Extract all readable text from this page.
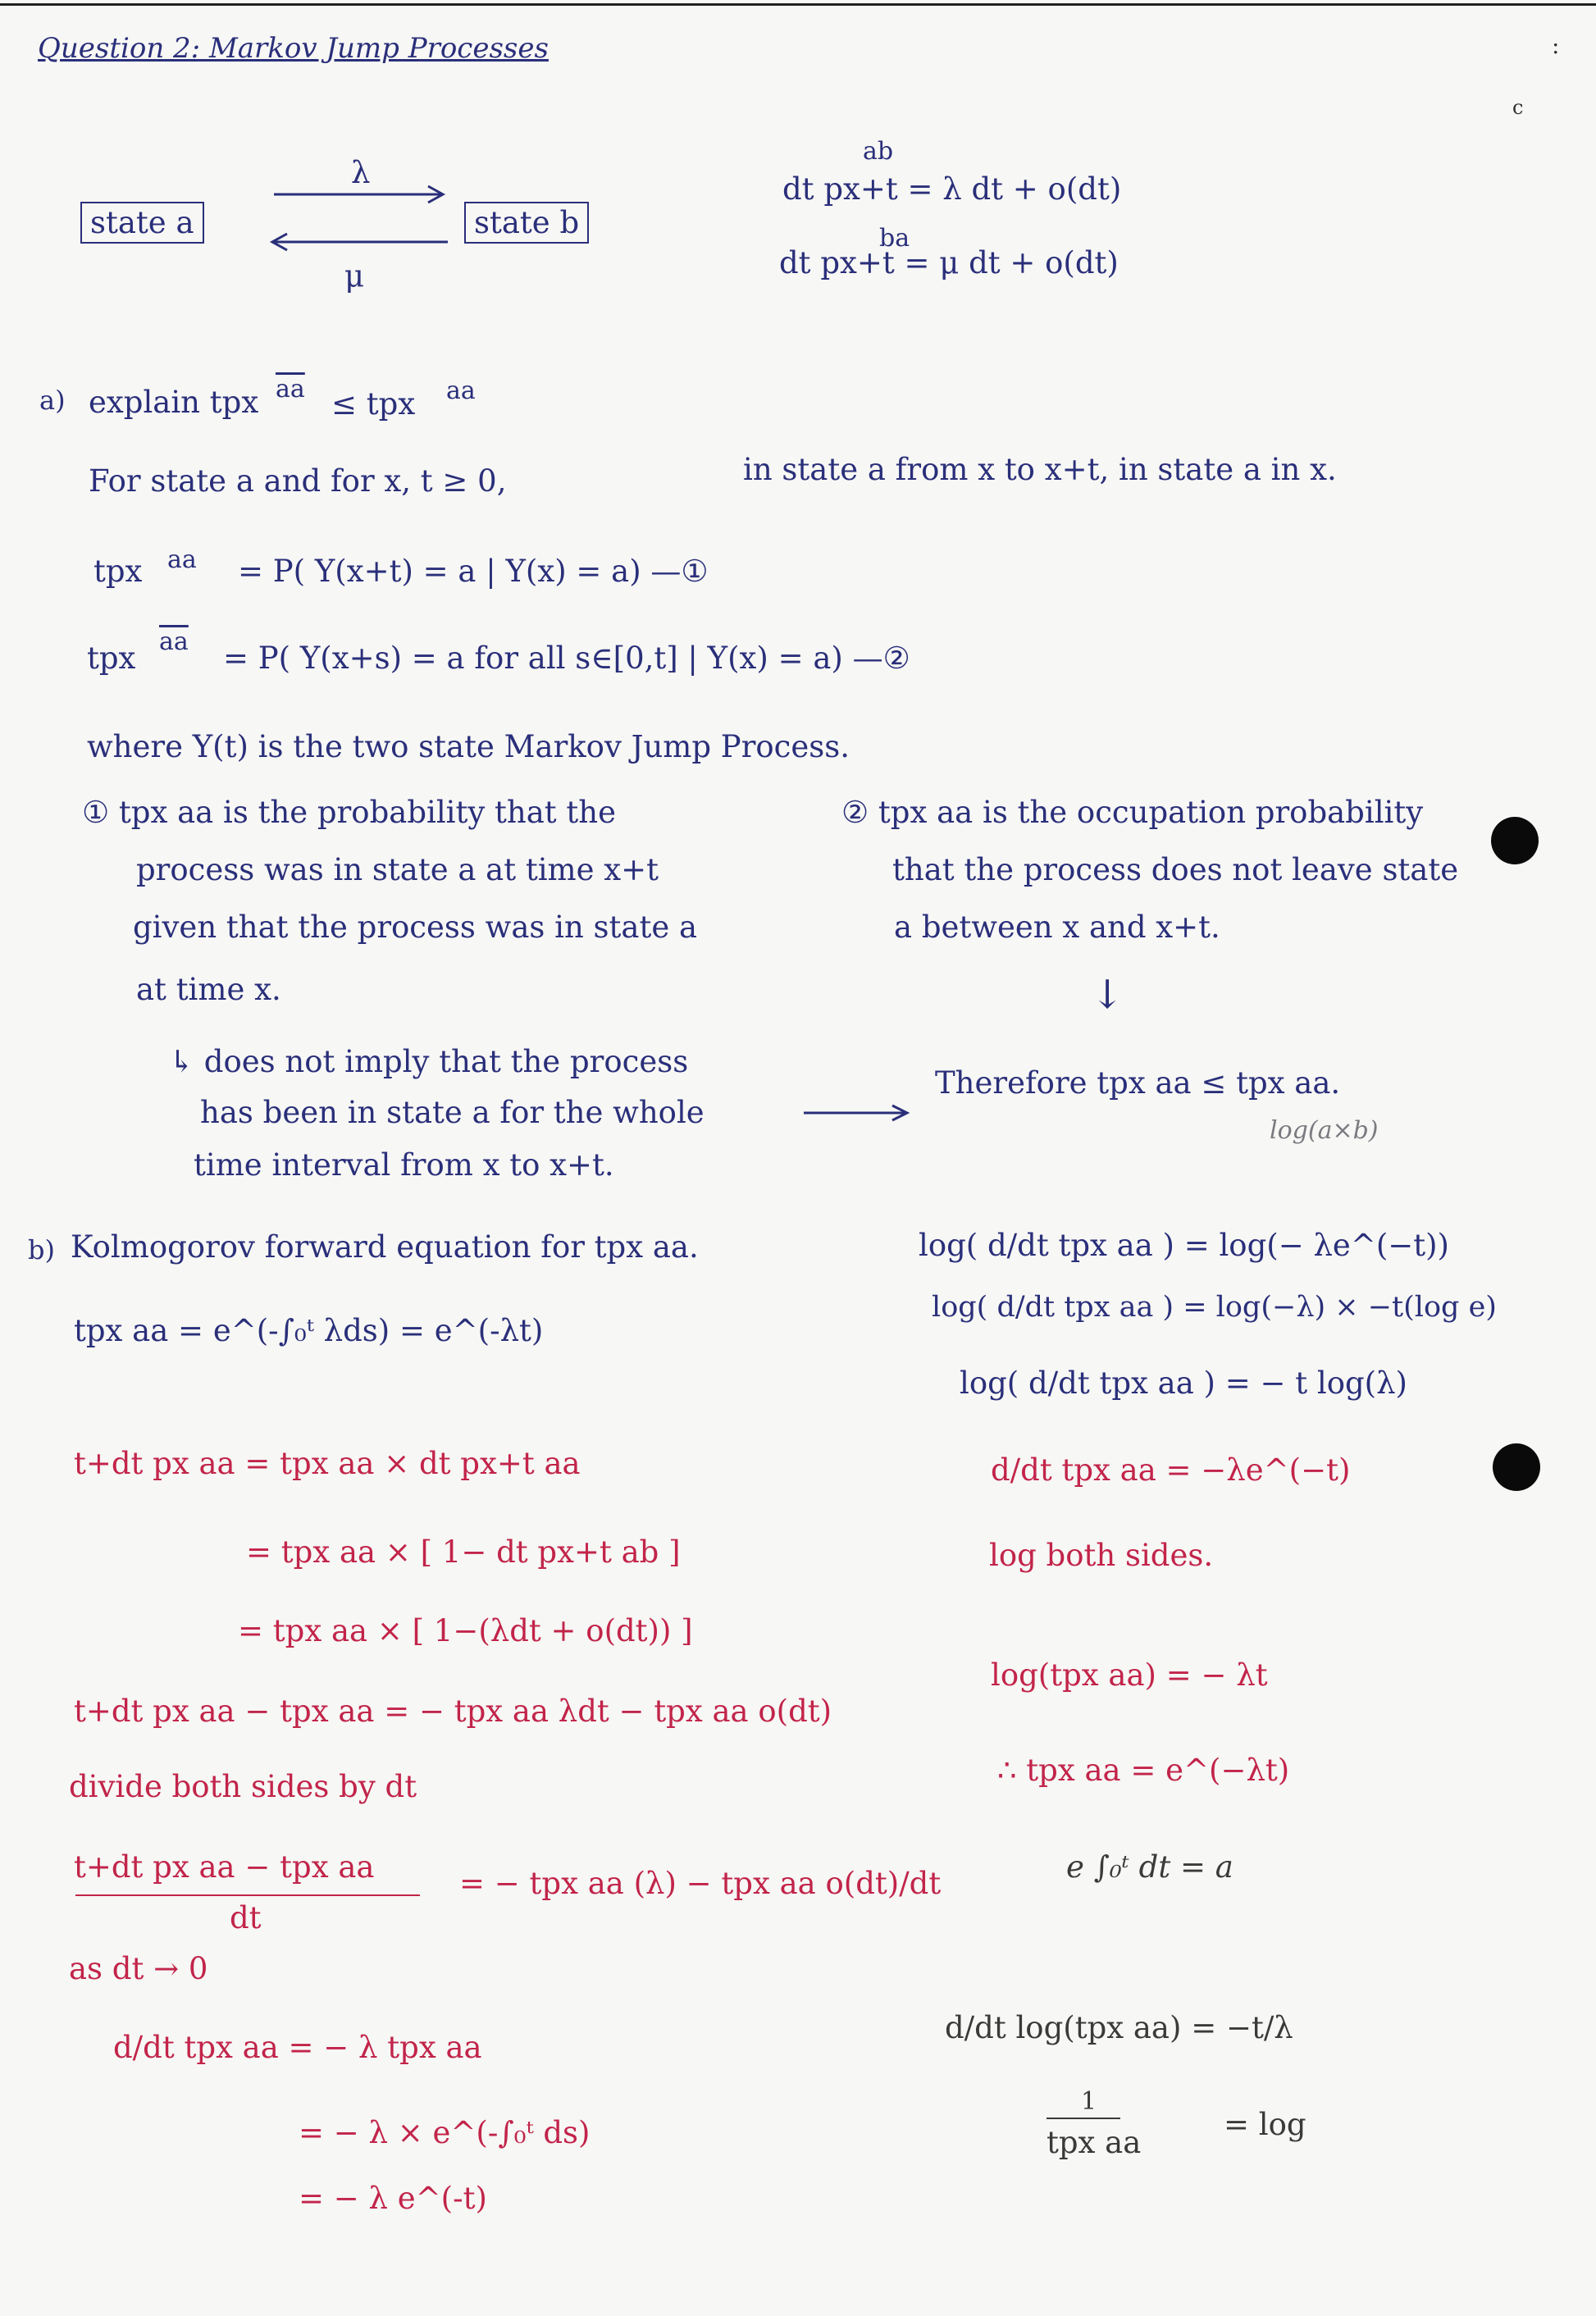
Question 2: Markov Jump Processes	:
c
state a	state b
λ
μ
ab
dt px+t = λ dt + o(dt)
ba
dt px+t = μ dt + o(dt)
a) explain tpx $\overline{aa}$ ≤ tpx aa
For state a and for x, t ≥ 0,	in state a from x to x+t, in state a in x.
tpx aa = P( Y(x+t) = a | Y(x) = a) —①
tpx $\overline{aa} = P$( Y(x+s) = a for all s∈[0,t] | Y(x) = a) —②
where Y(t) is the two state Markov Jump Process.
① tpx aa is the probability that the
process was in state a at time x+t
given that the process was in state a
at time x.
↳ does not imply that the process
has been in state a for the whole
time interval from x to x+t.
② tpx aa is the occupation probability
that the process does not leave state
a between x and x+t.
↓
Therefore tpx aa ≤ tpx aa.
log(a×b)
b) Kolmogorov forward equation for tpx aa.
tpx aa = e^(-∫₀ᵗ λds) = e^(-λt)
t+dt px aa = tpx aa × dt px+t aa
= tpx aa × [ 1− dt px+t ab ]
= tpx aa × [ 1−(λdt + o(dt)) ]
t+dt px aa − tpx aa = − tpx aa λdt − tpx aa o(dt)
divide both sides by dt
t+dt px aa − tpx aa
dt
= − tpx aa (λ) − tpx aa o(dt)/dt
as dt → 0
d/dt tpx aa = − λ tpx aa
= − λ × e^(-∫₀ᵗ ds)
= − λ e^(-t)
log( d/dt tpx aa ) = log(− λe^(−t))
log( d/dt tpx aa ) = log(−λ) × −t(log e)
log( d/dt tpx aa ) = − t log(λ)
d/dt tpx aa = −λe^(−t)
log both sides.
log(tpx aa) = − λt
∴ tpx aa = e^(−λt)
e ∫₀ᵗ dt = a
d/dt log(tpx aa) = −t/λ
1
tpx aa
= log
